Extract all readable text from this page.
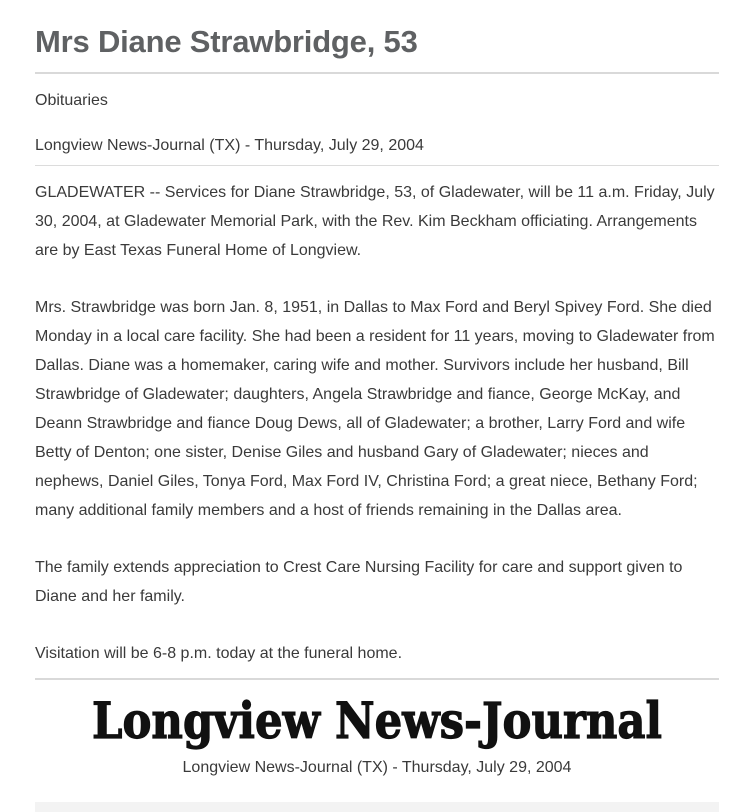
Mrs Diane Strawbridge, 53
Obituaries
Longview News-Journal (TX) - Thursday, July 29, 2004

GLADEWATER -- Services for Diane Strawbridge, 53, of Gladewater, will be 11 a.m. Friday, July 30, 2004, at Gladewater Memorial Park, with the Rev. Kim Beckham officiating. Arrangements are by East Texas Funeral Home of Longview.

Mrs. Strawbridge was born Jan. 8, 1951, in Dallas to Max Ford and Beryl Spivey Ford. She died Monday in a local care facility. She had been a resident for 11 years, moving to Gladewater from Dallas. Diane was a homemaker, caring wife and mother. Survivors include her husband, Bill Strawbridge of Gladewater; daughters, Angela Strawbridge and fiance, George McKay, and Deann Strawbridge and fiance Doug Dews, all of Gladewater; a brother, Larry Ford and wife Betty of Denton; one sister, Denise Giles and husband Gary of Gladewater; nieces and nephews, Daniel Giles, Tonya Ford, Max Ford IV, Christina Ford; a great niece, Bethany Ford; many additional family members and a host of friends remaining in the Dallas area.

The family extends appreciation to Crest Care Nursing Facility for care and support given to Diane and her family.

Visitation will be 6-8 p.m. today at the funeral home.

Longview News-Journal
Longview News-Journal (TX) - Thursday, July 29, 2004
